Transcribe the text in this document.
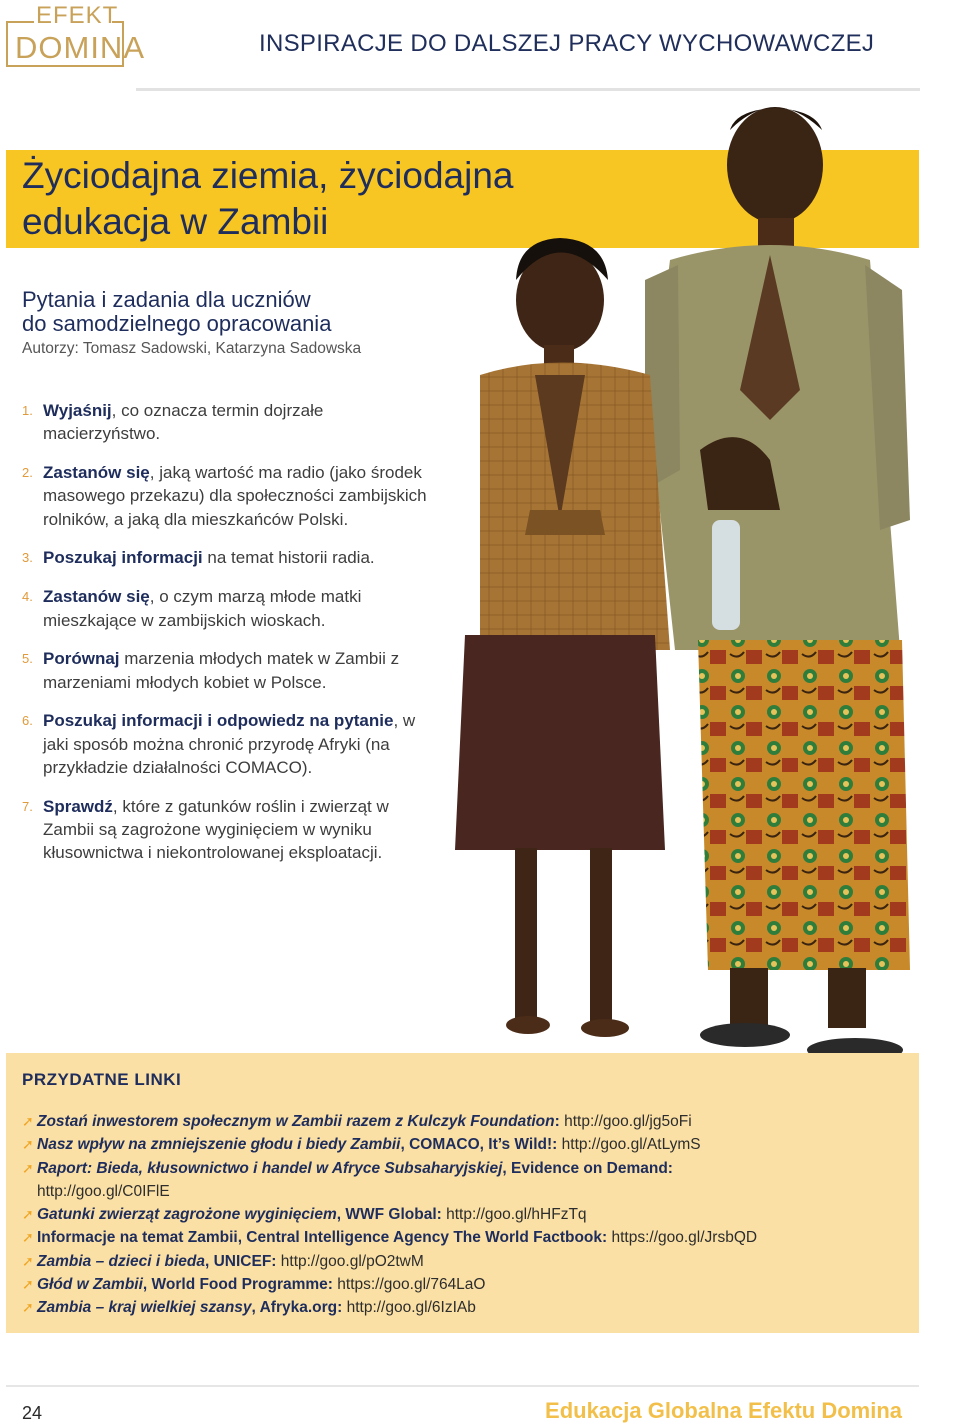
EFEKT
DOMINA	INSPIRACJE DO DALSZEJ PRACY WYCHOWAWCZEJ
Życiodajna ziemia, życiodajna
edukacja w Zambii
Pytania i zadania dla uczniów
do samodzielnego opracowania
Autorzy: Tomasz Sadowski, Katarzyna Sadowska
1. Wyjaśnij, co oznacza termin dojrzałe macierzyństwo.
2. Zastanów się, jaką wartość ma radio (jako środek masowego przekazu) dla społeczności zambijskich rolników, a jaką dla mieszkańców Polski.
3. Poszukaj informacji na temat historii radia.
4. Zastanów się, o czym marzą młode matki mieszkające w zambijskich wioskach.
5. Porównaj marzenia młodych matek w Zambii z marzeniami młodych kobiet w Polsce.
6. Poszukaj informacji i odpowiedz na pytanie, w jaki sposób można chronić przyrodę Afryki (na przykładzie działalności COMACO).
7. Sprawdź, które z gatunków roślin i zwierząt w Zambii są zagrożone wyginięciem w wyniku kłusownictwa i niekontrolowanej eksploatacji.
PRZYDATNE LINKI
➚ Zostań inwestorem społecznym w Zambii razem z Kulczyk Foundation: http://goo.gl/jg5oFi
➚ Nasz wpływ na zmniejszenie głodu i biedy Zambii, COMACO, It’s Wild!: http://goo.gl/AtLymS
➚ Raport: Bieda, kłusownictwo i handel w Afryce Subsaharyjskiej, Evidence on Demand:
http://goo.gl/C0IFlE
➚ Gatunki zwierząt zagrożone wyginięciem, WWF Global: http://goo.gl/hHFzTq
➚ Informacje na temat Zambii, Central Intelligence Agency The World Factbook: https://goo.gl/JrsbQD
➚ Zambia – dzieci i bieda, UNICEF: http://goo.gl/pO2twM
➚ Głód w Zambii, World Food Programme: https://goo.gl/764LaO
➚ Zambia – kraj wielkiej szansy, Afryka.org: http://goo.gl/6IzIAb
24	Edukacja Globalna Efektu Domina
